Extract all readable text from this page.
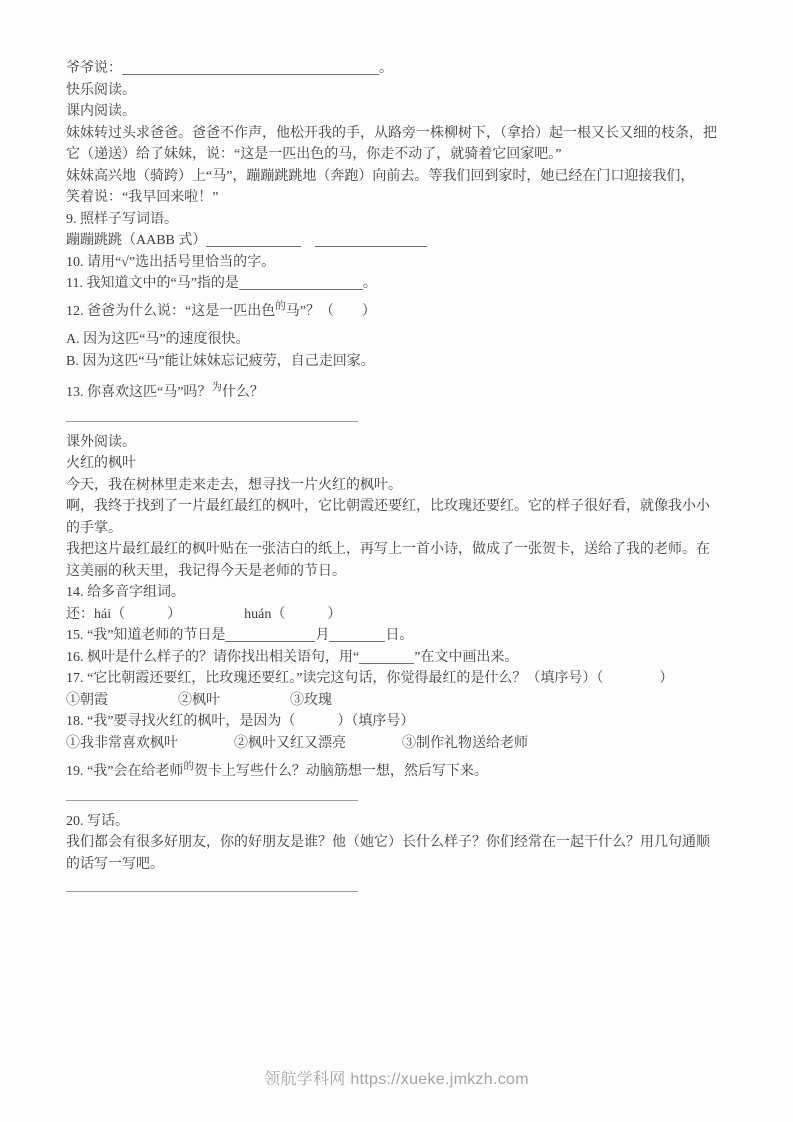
爷爷说：	。
快乐阅读。
课内阅读。
妹妹转过头求爸爸。爸爸不作声，他松开我的手，从路旁一株柳树下，（拿拾）起一根又长又细的枝条，把
它（递送）给了妹妹，说：“这是一匹出色的马，你走不动了，就骑着它回家吧。”
妹妹高兴地（骑跨）上“马”，蹦蹦跳跳地（奔跑）向前去。等我们回到家时，她已经在门口迎接我们，
笑着说：“我早回来啦！”
9. 照样子写词语。
蹦蹦跳跳（AABB 式）　
10. 请用“√”选出括号里恰当的字。
11. 我知道文中的“马”指的是	。
12. 爸爸为什么说：“这是一匹出色的马”？（　　）
A. 因为这匹“马”的速度很快。
B. 因为这匹“马”能让妹妹忘记疲劳，自己走回家。
13. 你喜欢这匹“马”吗？为什么？
课外阅读。
火红的枫叶
今天，我在树林里走来走去，想寻找一片火红的枫叶。
啊，我终于找到了一片最红最红的枫叶，它比朝霞还要红，比玫瑰还要红。它的样子很好看，就像我小小
的手掌。
我把这片最红最红的枫叶贴在一张洁白的纸上，再写上一首小诗，做成了一张贺卡，送给了我的老师。在
这美丽的秋天里，我记得今天是老师的节日。
14. 给多音字组词。
还：hái（　　　）　　　　　huán（　　　）
15. “我”知道老师的节日是	月	日。
16. 枫叶是什么样子的？请你找出相关语句，用“	”在文中画出来。
17. “它比朝霞还要红，比玫瑰还要红。”读完这句话，你觉得最红的是什么？（填序号）（　　　　）
①朝霞　　　　　②枫叶　　　　　③玫瑰
18. “我”要寻找火红的枫叶，是因为（　　　）（填序号）
①我非常喜欢枫叶　　　　②枫叶又红又漂亮　　　　③制作礼物送给老师
19. “我”会在给老师的贺卡上写些什么？动脑筋想一想，然后写下来。
20. 写话。
我们都会有很多好朋友，你的好朋友是谁？他（她它）长什么样子？你们经常在一起干什么？用几句通顺
的话写一写吧。
领航学科网 https://xueke.jmkzh.com
